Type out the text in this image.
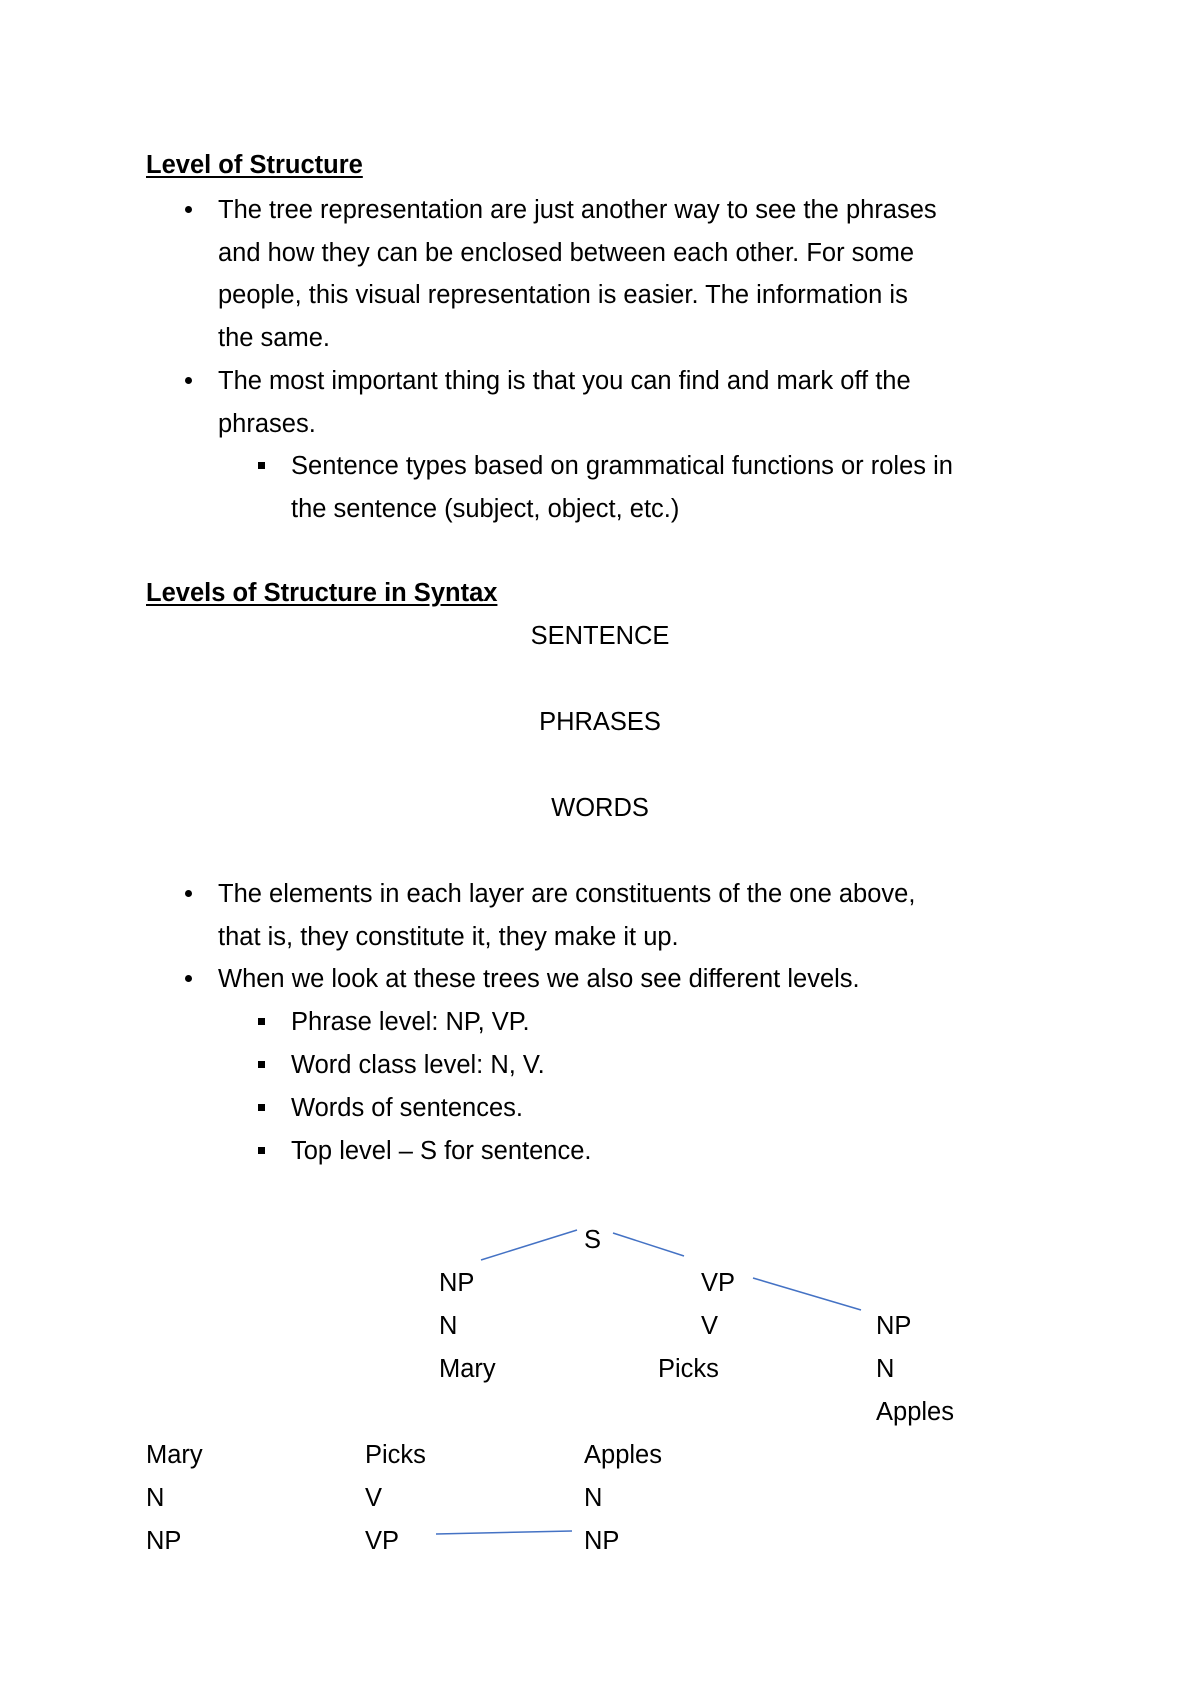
Level of Structure
The tree representation are just another way to see the phrases
and how they can be enclosed between each other. For some
people, this visual representation is easier. The information is
the same.
The most important thing is that you can find and mark off the
phrases.
Sentence types based on grammatical functions or roles in
the sentence (subject, object, etc.)
Levels of Structure in Syntax
SENTENCE
PHRASES
WORDS
The elements in each layer are constituents of the one above,
that is, they constitute it, they make it up.
When we look at these trees we also see different levels.
Phrase level: NP, VP.
Word class level: N, V.
Words of sentences.
Top level – S for sentence.
S
NP	VP
N	V	NP
Mary	Picks	N
Apples
Mary	Picks	Apples
N	V	N
NP	VP	NP
